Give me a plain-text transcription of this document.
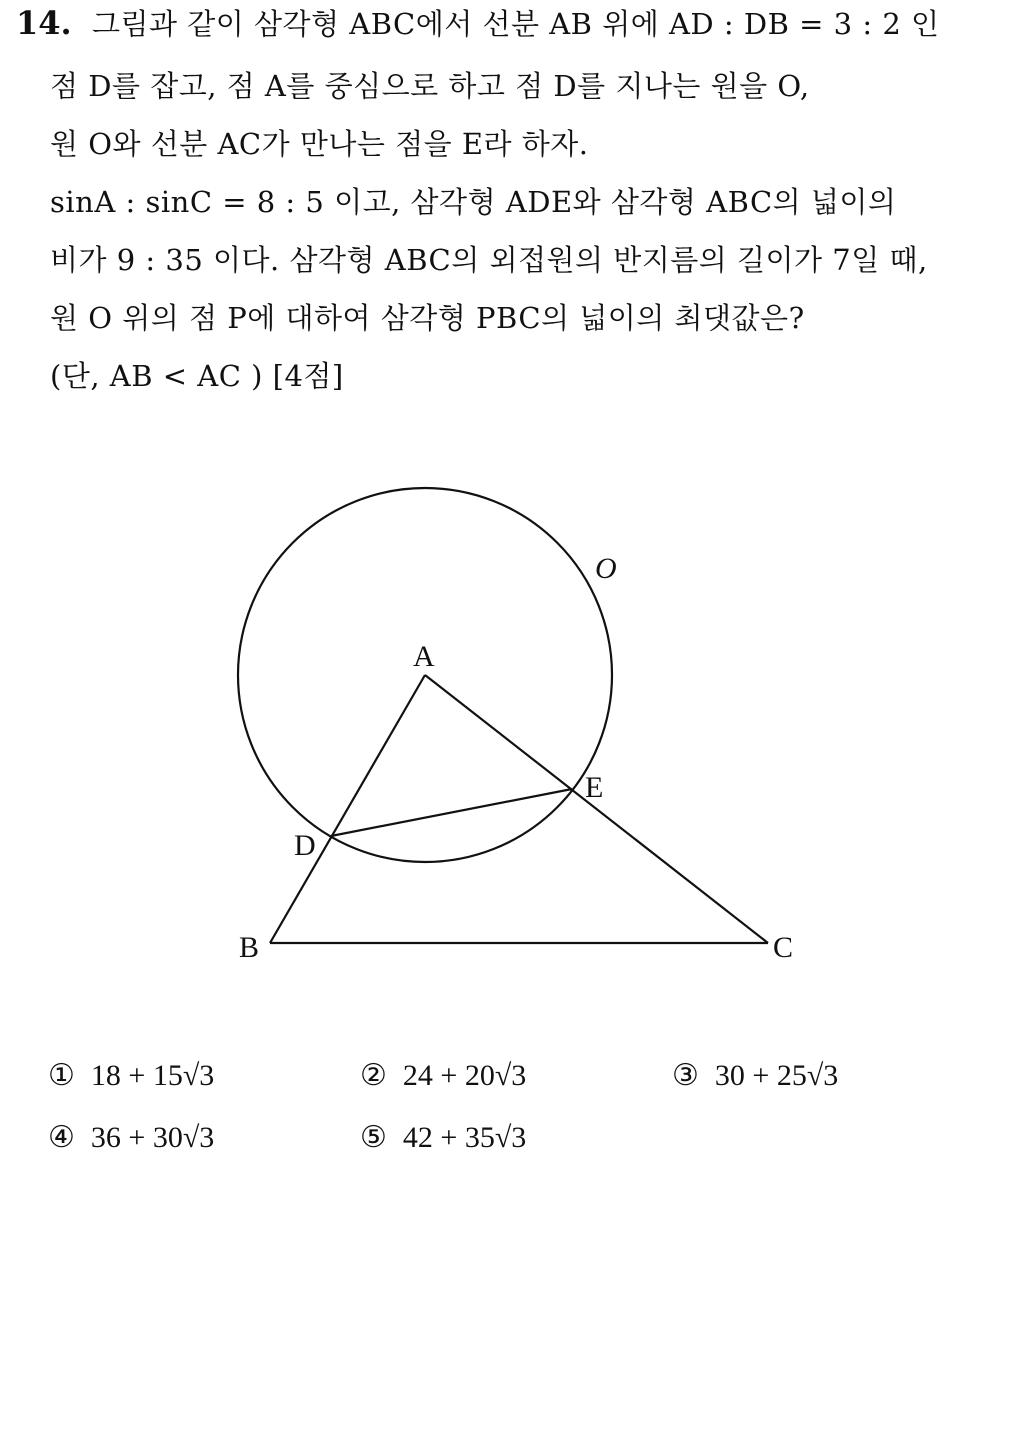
14. 그림과 같이 삼각형 ABC에서 선분 AB 위에 AD : DB = 3 : 2 인
점 D를 잡고, 점 A를 중심으로 하고 점 D를 지나는 원을 O,
원 O와 선분 AC가 만나는 점을 E라 하자.
sinA : sinC = 8 : 5 이고, 삼각형 ADE와 삼각형 ABC의 넓이의
비가 9 : 35 이다. 삼각형 ABC의 외접원의 반지름의 길이가 7일 때,
원 O 위의 점 P에 대하여 삼각형 PBC의 넓이의 최댓값은?
(단, AB < AC ) [4점]
O
A
B	C
D
E
① 18 + 15√3	② 24 + 20√3	③ 30 + 25√3
④ 36 + 30√3	⑤ 42 + 35√3
